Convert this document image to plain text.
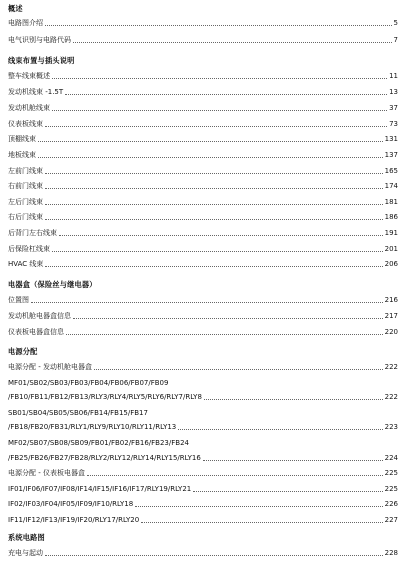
概述
电路图介绍	5
电气识别与电路代码	7
线束布置与插头说明
整车线束概述	11
发动机线束 -1.5T	13
发动机舱线束	37
仪表板线束	73
顶棚线束	131
地板线束	137
左前门线束	165
右前门线束	174
左后门线束	181
右后门线束	186
后背门左右线束	191
后保险杠线束	201
HVAC 线束	206
电器盒（保险丝与继电器）
位置图	216
发动机舱电器盒信息	217
仪表板电器盒信息	220
电源分配
电源分配 - 发动机舱电器盒	222
MF01/SB02/SB03/FB03/FB04/FB06/FB07/FB09
/FB10/FB11/FB12/FB13/RLY3/RLY4/RLY5/RLY6/RLY7/RLY8	222
SB01/SB04/SB05/SB06/FB14/FB15/FB17
/FB18/FB20/FB31/RLY1/RLY9/RLY10/RLY11/RLY13	223
MF02/SB07/SB08/SB09/FB01/FB02/FB16/FB23/FB24
/FB25/FB26/FB27/FB28/RLY2/RLY12/RLY14/RLY15/RLY16	224
电源分配 - 仪表板电器盒	225
IF01/IF06/IF07/IF08/IF14/IF15/IF16/IF17/RLY19/RLY21	225
IF02/IF03/IF04/IF05/IF09/IF10/RLY18	226
IF11/IF12/IF13/IF19/IF20/RLY17/RLY20	227
系统电路图
充电与起动	228
